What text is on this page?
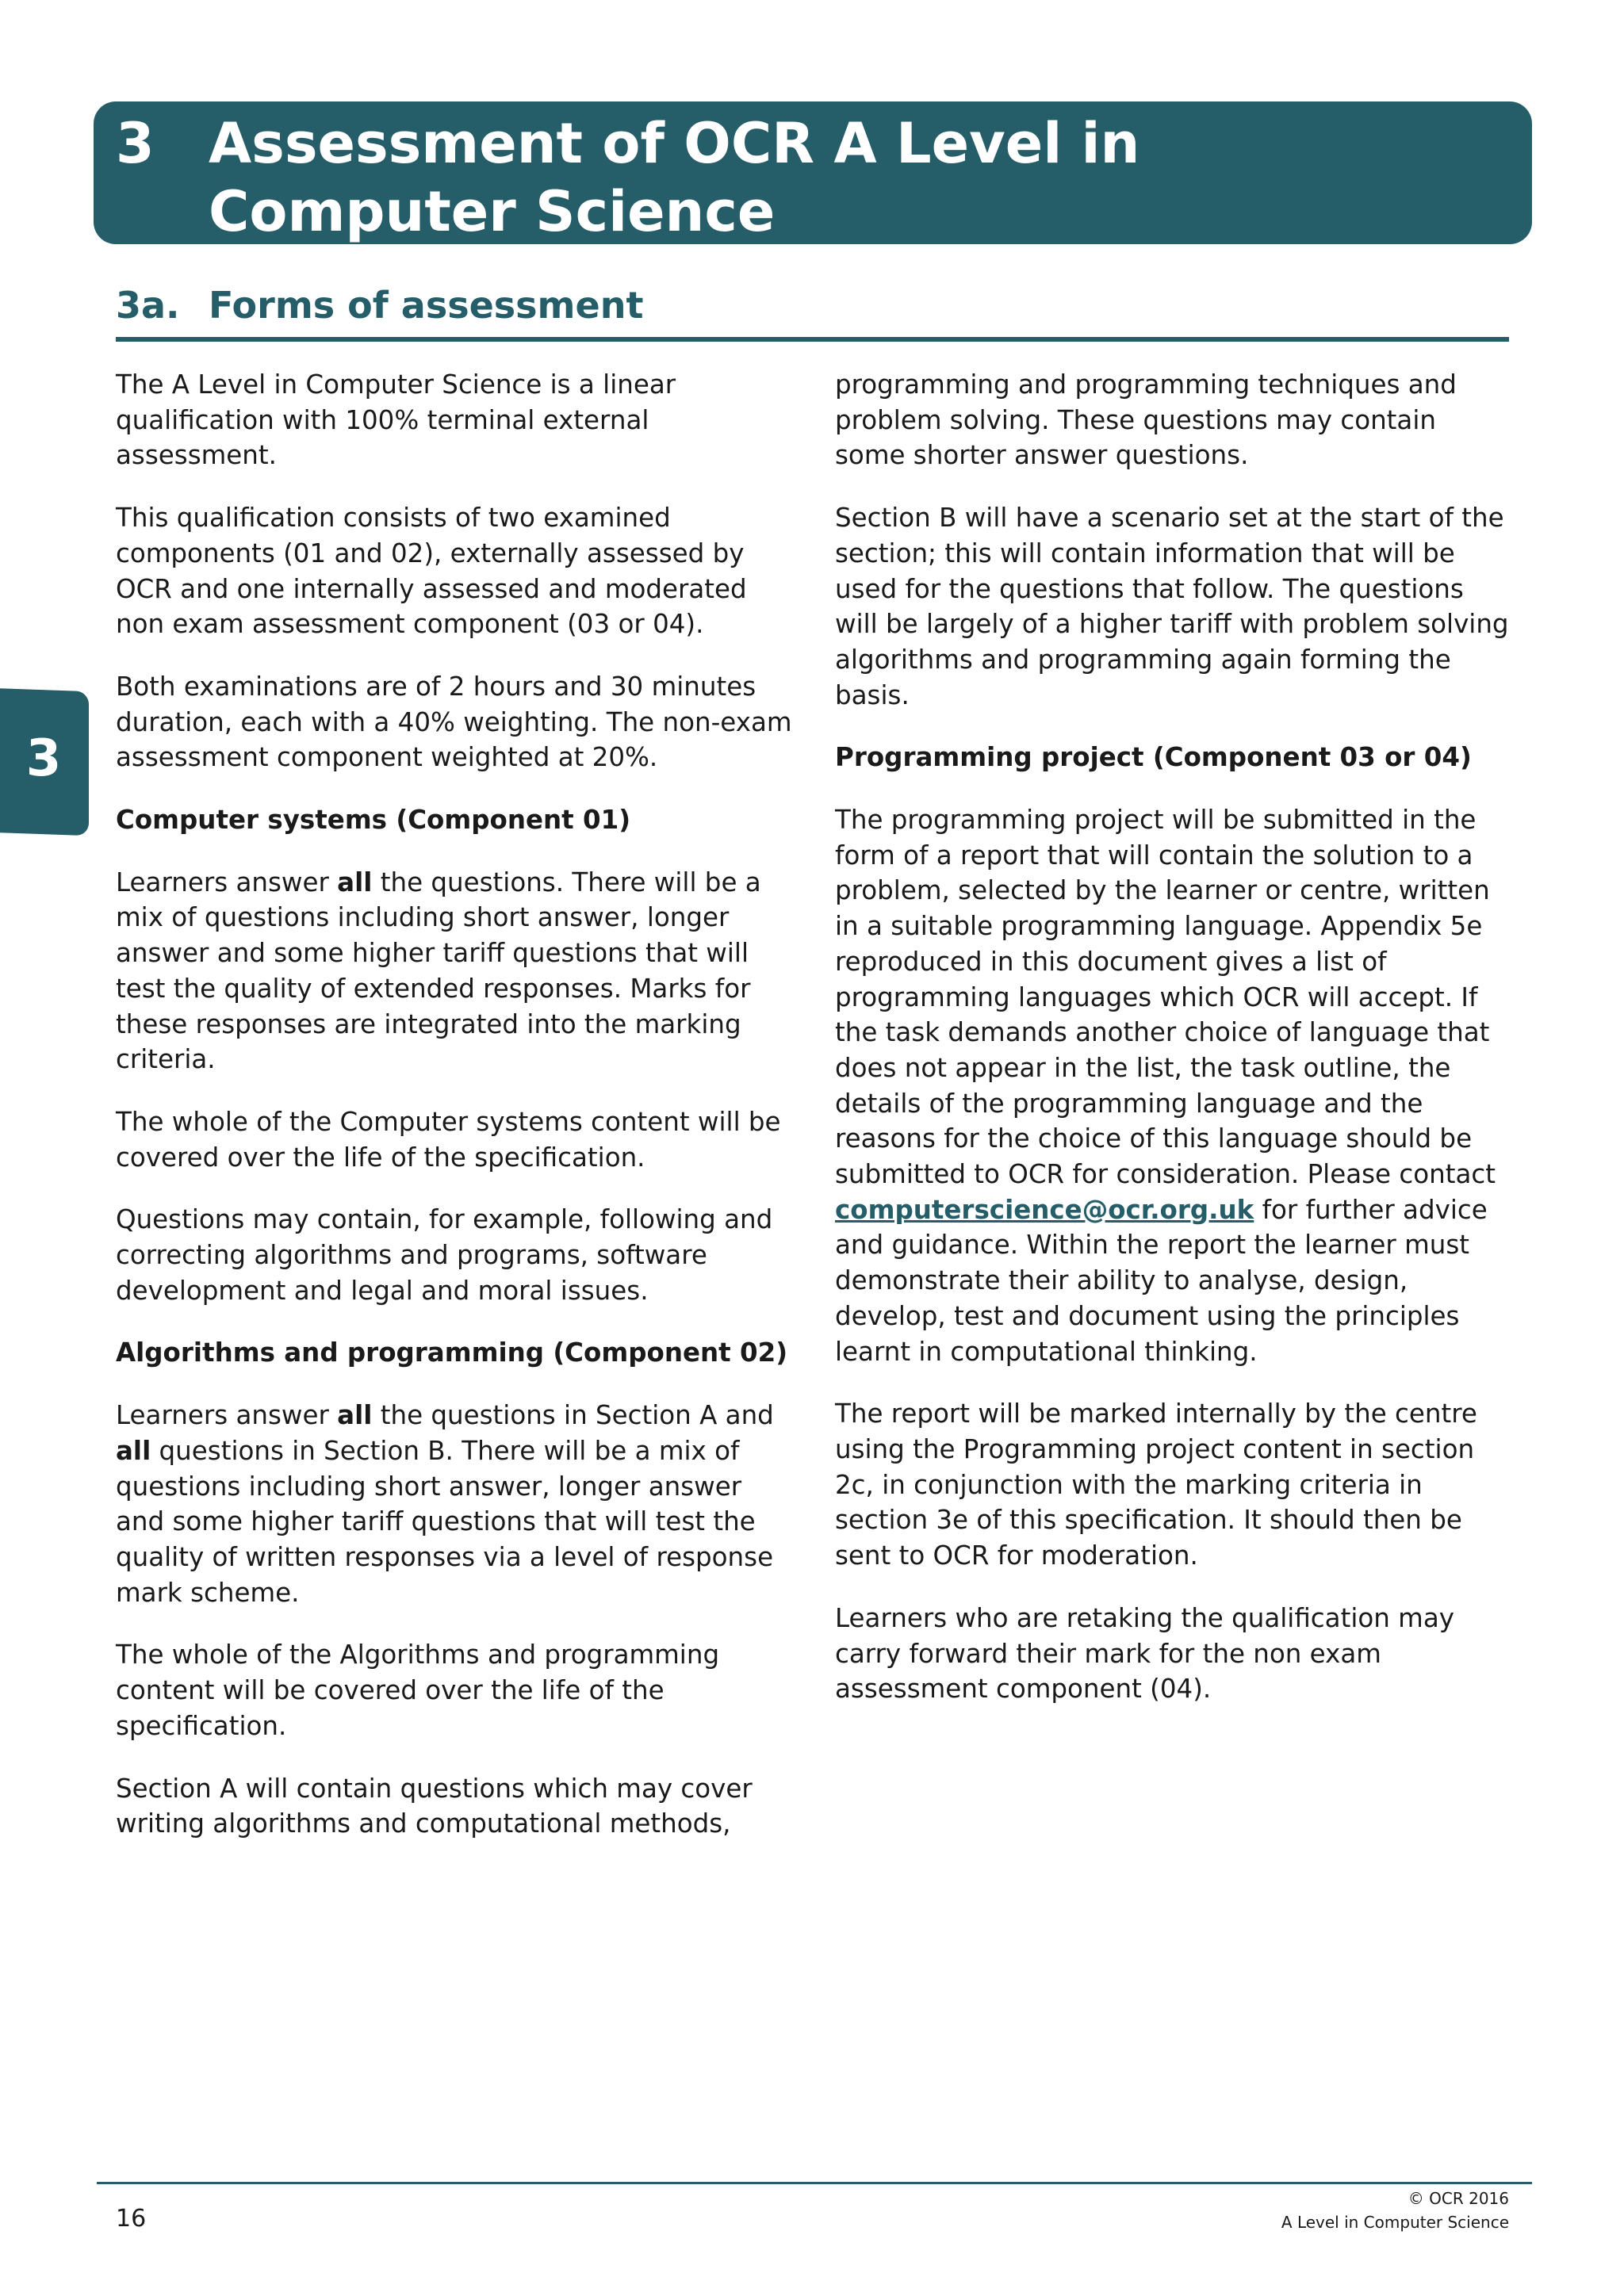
3 Assessment of OCR A Level in Computer Science
3a. Forms of assessment
3

The A Level in Computer Science is a linear qualification with 100% terminal external assessment.

This qualification consists of two examined components (01 and 02), externally assessed by OCR and one internally assessed and moderated non exam assessment component (03 or 04).

Both examinations are of 2 hours and 30 minutes duration, each with a 40% weighting. The non-exam assessment component weighted at 20%.

Computer systems (Component 01)

Learners answer all the questions. There will be a mix of questions including short answer, longer answer and some higher tariff questions that will test the quality of extended responses. Marks for these responses are integrated into the marking criteria.

The whole of the Computer systems content will be covered over the life of the specification.

Questions may contain, for example, following and correcting algorithms and programs, software development and legal and moral issues.

Algorithms and programming (Component 02)

Learners answer all the questions in Section A and all questions in Section B. There will be a mix of questions including short answer, longer answer and some higher tariff questions that will test the quality of written responses via a level of response mark scheme.

The whole of the Algorithms and programming content will be covered over the life of the specification.

Section A will contain questions which may cover writing algorithms and computational methods,

programming and programming techniques and problem solving. These questions may contain some shorter answer questions.

Section B will have a scenario set at the start of the section; this will contain information that will be used for the questions that follow. The questions will be largely of a higher tariff with problem solving algorithms and programming again forming the basis.

Programming project (Component 03 or 04)

The programming project will be submitted in the form of a report that will contain the solution to a problem, selected by the learner or centre, written in a suitable programming language. Appendix 5e reproduced in this document gives a list of programming languages which OCR will accept. If the task demands another choice of language that does not appear in the list, the task outline, the details of the programming language and the reasons for the choice of this language should be submitted to OCR for consideration. Please contact computerscience@ocr.org.uk for further advice and guidance. Within the report the learner must demonstrate their ability to analyse, design, develop, test and document using the principles learnt in computational thinking.

The report will be marked internally by the centre using the Programming project content in section 2c, in conjunction with the marking criteria in section 3e of this specification. It should then be sent to OCR for moderation.

Learners who are retaking the qualification may carry forward their mark for the non exam assessment component (04).

16
© OCR 2016
A Level in Computer Science
